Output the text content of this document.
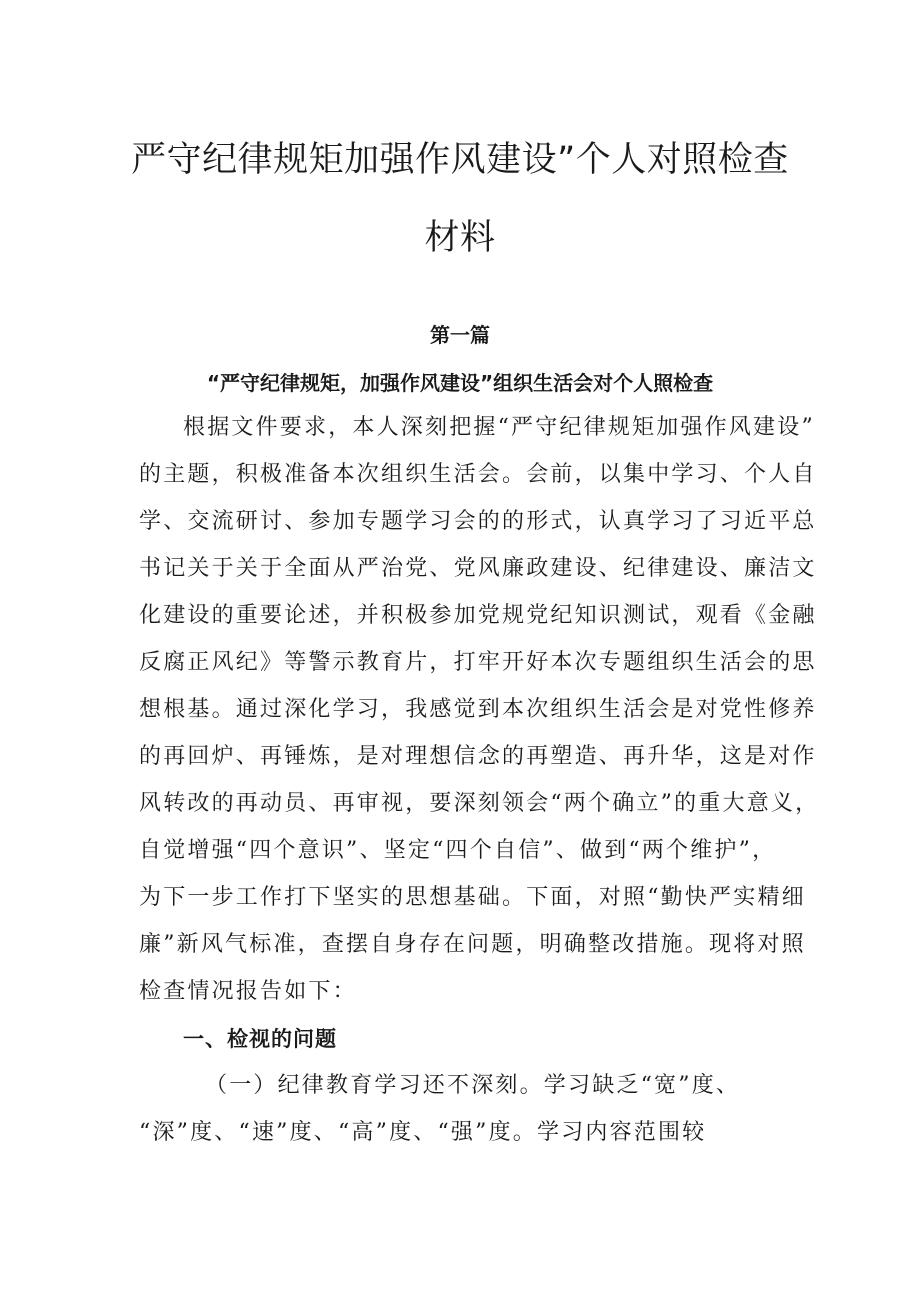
严守纪律规矩加强作风建设”个人对照检查
材料
第一篇
“严守纪律规矩，加强作风建设”组织生活会对个人照检查

根据文件要求，本人深刻把握“严守纪律规矩加强作风建设”

的主题，积极准备本次组织生活会。会前，以集中学习、个人自

学、交流研讨、参加专题学习会的的形式，认真学习了习近平总

书记关于关于全面从严治党、党风廉政建设、纪律建设、廉洁文

化建设的重要论述，并积极参加党规党纪知识测试，观看《金融

反腐正风纪》等警示教育片，打牢开好本次专题组织生活会的思

想根基。通过深化学习，我感觉到本次组织生活会是对党性修养

的再回炉、再锤炼，是对理想信念的再塑造、再升华，这是对作

风转改的再动员、再审视，要深刻领会“两个确立”的重大意义，

自觉增强“四个意识”、坚定“四个自信”、做到“两个维护”，

为下一步工作打下坚实的思想基础。下面，对照“勤快严实精细

廉”新风气标准，查摆自身存在问题，明确整改措施。现将对照

检查情况报告如下：

一、检视的问题

（一）纪律教育学习还不深刻。学习缺乏“宽”度、

“深”度、“速”度、“高”度、“强”度。学习内容范围较
